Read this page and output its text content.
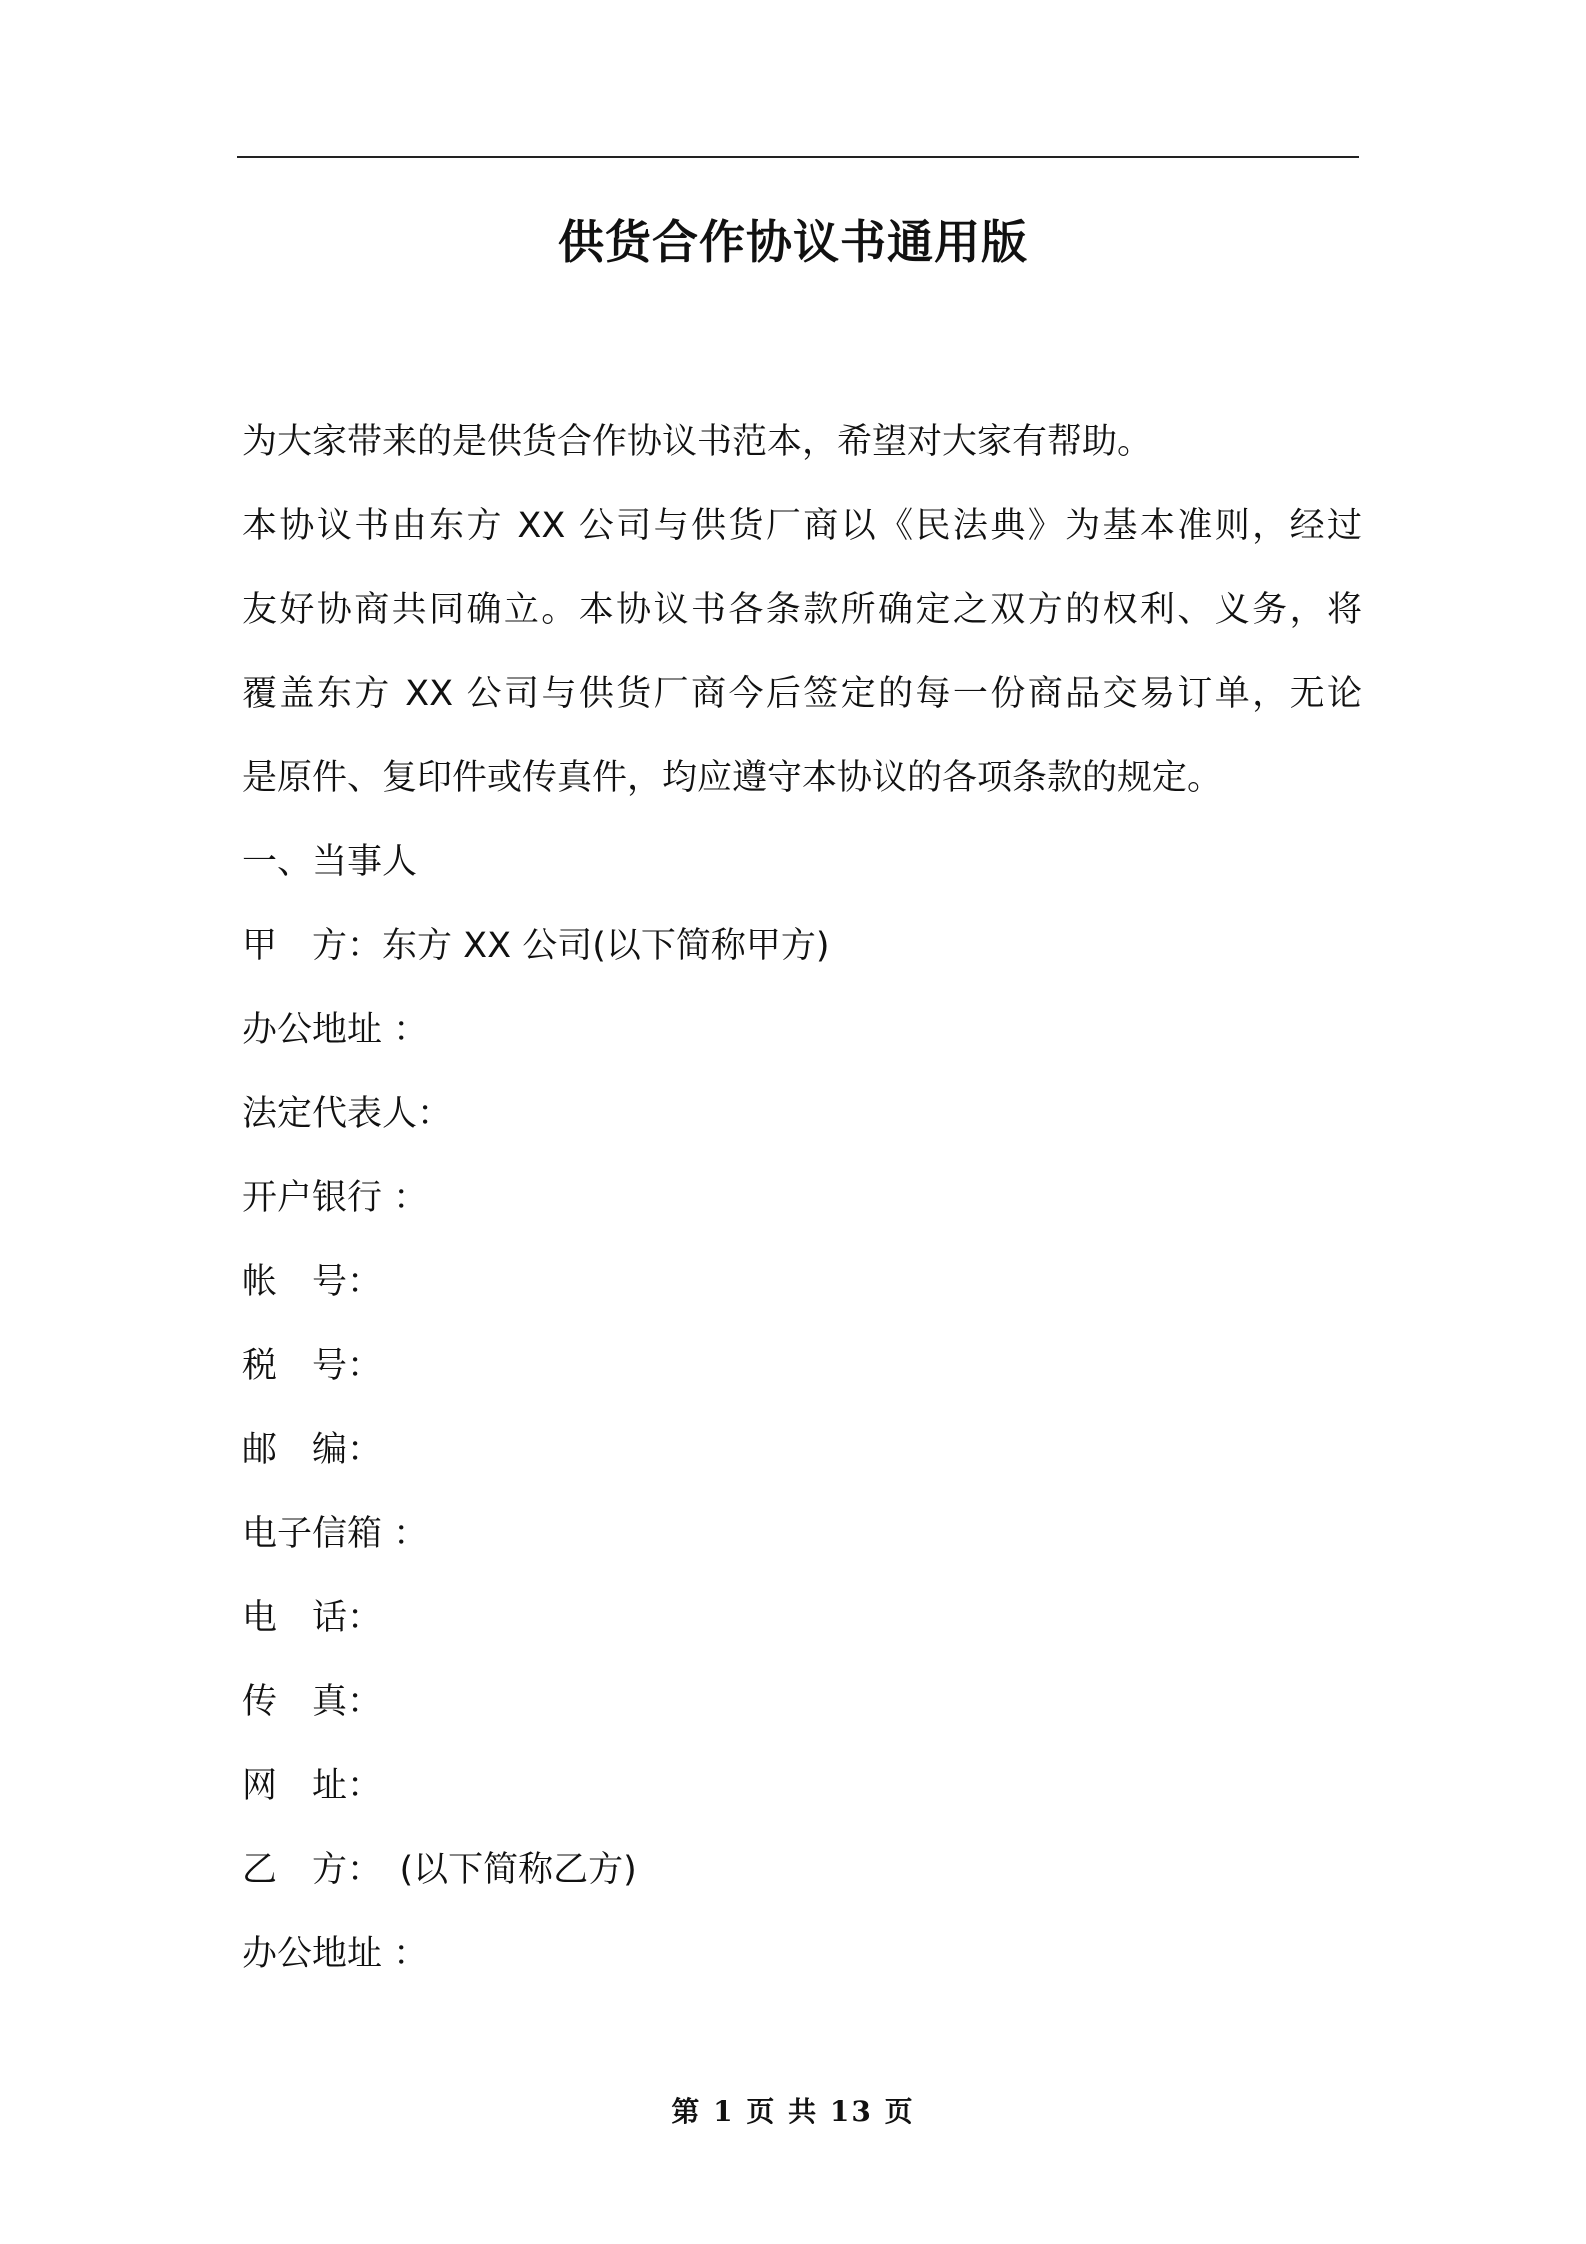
供货合作协议书通用版
为大家带来的是供货合作协议书范本，希望对大家有帮助。
本协议书由东方 XX 公司与供货厂商以《民法典》为基本准则，经过
友好协商共同确立。本协议书各条款所确定之双方的权利、义务，将
覆盖东方 XX 公司与供货厂商今后签定的每一份商品交易订单，无论
是原件、复印件或传真件，均应遵守本协议的各项条款的规定。
一、当事人
甲　方：东方 XX 公司(以下简称甲方)
办公地址 ：
法定代表人：
开户银行 ：
帐　号：
税　号：
邮　编：
电子信箱 ：
电　话：
传　真：
网　址：
乙　方：　(以下简称乙方)
办公地址 ：
第 1 页 共 13 页
